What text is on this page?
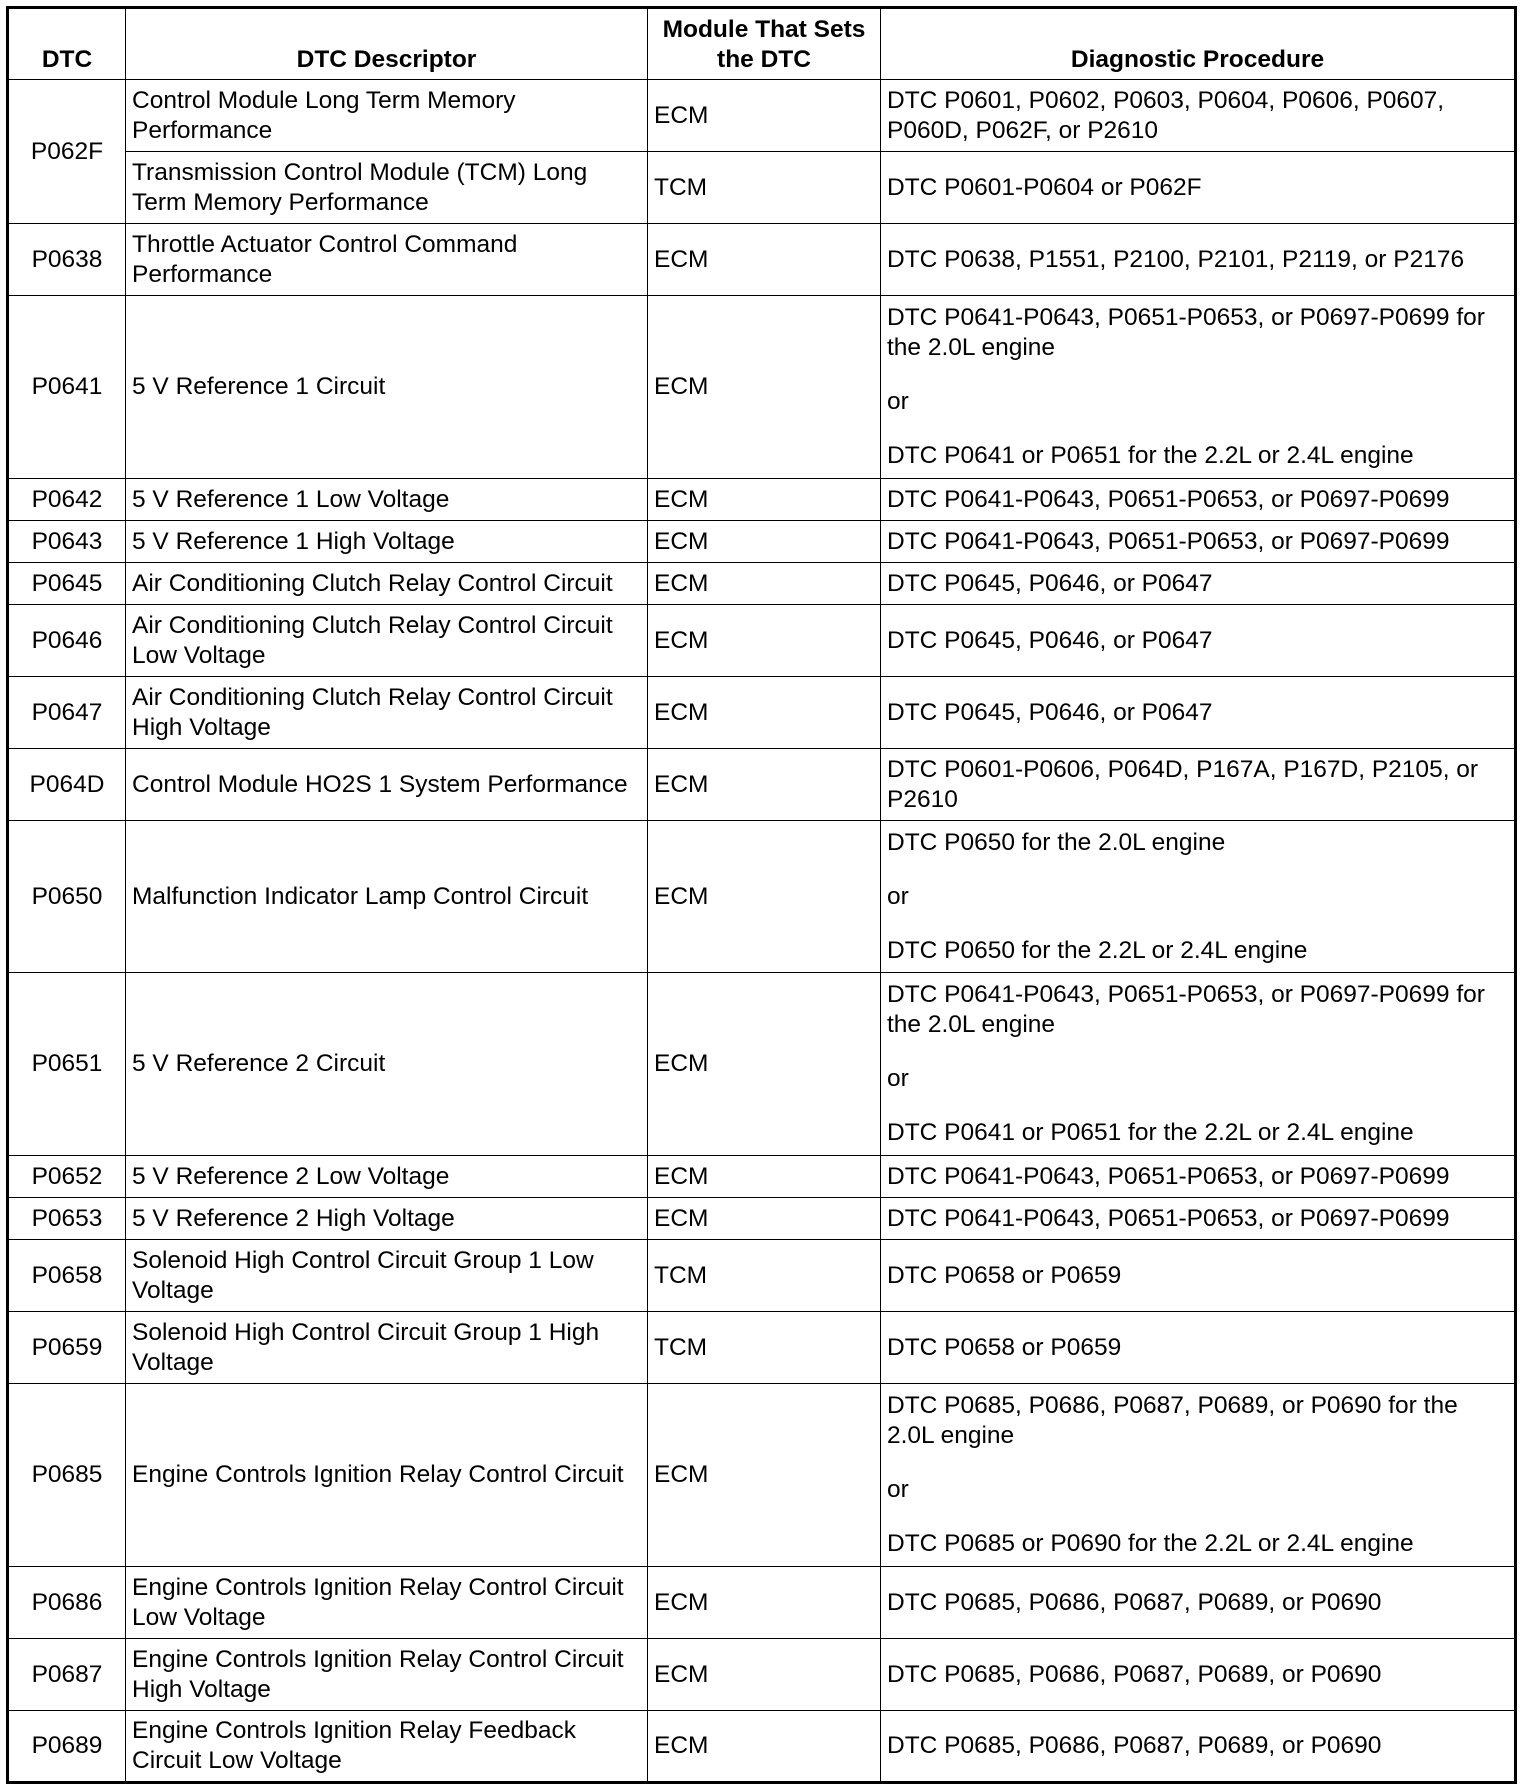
DTC	DTC Descriptor	Module That Sets the DTC	Diagnostic Procedure
P062F	Control Module Long Term Memory Performance	ECM	DTC P0601, P0602, P0603, P0604, P0606, P0607, P060D, P062F, or P2610

	Transmission Control Module (TCM) Long Term Memory Performance	TCM	DTC P0601-P0604 or P062F

P0638	Throttle Actuator Control Command Performance	ECM	DTC P0638, P1551, P2100, P2101, P2119, or P2176

P0641	5 V Reference 1 Circuit	ECM	DTC P0641-P0643, P0651-P0653, or P0697-P0699 for the 2.0L engine
or
DTC P0641 or P0651 for the 2.2L or 2.4L engine

P0642	5 V Reference 1 Low Voltage	ECM	DTC P0641-P0643, P0651-P0653, or P0697-P0699

P0643	5 V Reference 1 High Voltage	ECM	DTC P0641-P0643, P0651-P0653, or P0697-P0699

P0645	Air Conditioning Clutch Relay Control Circuit	ECM	DTC P0645, P0646, or P0647

P0646	Air Conditioning Clutch Relay Control Circuit Low Voltage	ECM	DTC P0645, P0646, or P0647

P0647	Air Conditioning Clutch Relay Control Circuit High Voltage	ECM	DTC P0645, P0646, or P0647

P064D	Control Module HO2S 1 System Performance	ECM	DTC P0601-P0606, P064D, P167A, P167D, P2105, or P2610

P0650	Malfunction Indicator Lamp Control Circuit	ECM	DTC P0650 for the 2.0L engine
or
DTC P0650 for the 2.2L or 2.4L engine

P0651	5 V Reference 2 Circuit	ECM	DTC P0641-P0643, P0651-P0653, or P0697-P0699 for the 2.0L engine
or
DTC P0641 or P0651 for the 2.2L or 2.4L engine

P0652	5 V Reference 2 Low Voltage	ECM	DTC P0641-P0643, P0651-P0653, or P0697-P0699

P0653	5 V Reference 2 High Voltage	ECM	DTC P0641-P0643, P0651-P0653, or P0697-P0699

P0658	Solenoid High Control Circuit Group 1 Low Voltage	TCM	DTC P0658 or P0659

P0659	Solenoid High Control Circuit Group 1 High Voltage	TCM	DTC P0658 or P0659

P0685	Engine Controls Ignition Relay Control Circuit	ECM	DTC P0685, P0686, P0687, P0689, or P0690 for the 2.0L engine
or
DTC P0685 or P0690 for the 2.2L or 2.4L engine

P0686	Engine Controls Ignition Relay Control Circuit Low Voltage	ECM	DTC P0685, P0686, P0687, P0689, or P0690

P0687	Engine Controls Ignition Relay Control Circuit High Voltage	ECM	DTC P0685, P0686, P0687, P0689, or P0690

P0689	Engine Controls Ignition Relay Feedback Circuit Low Voltage	ECM	DTC P0685, P0686, P0687, P0689, or P0690
